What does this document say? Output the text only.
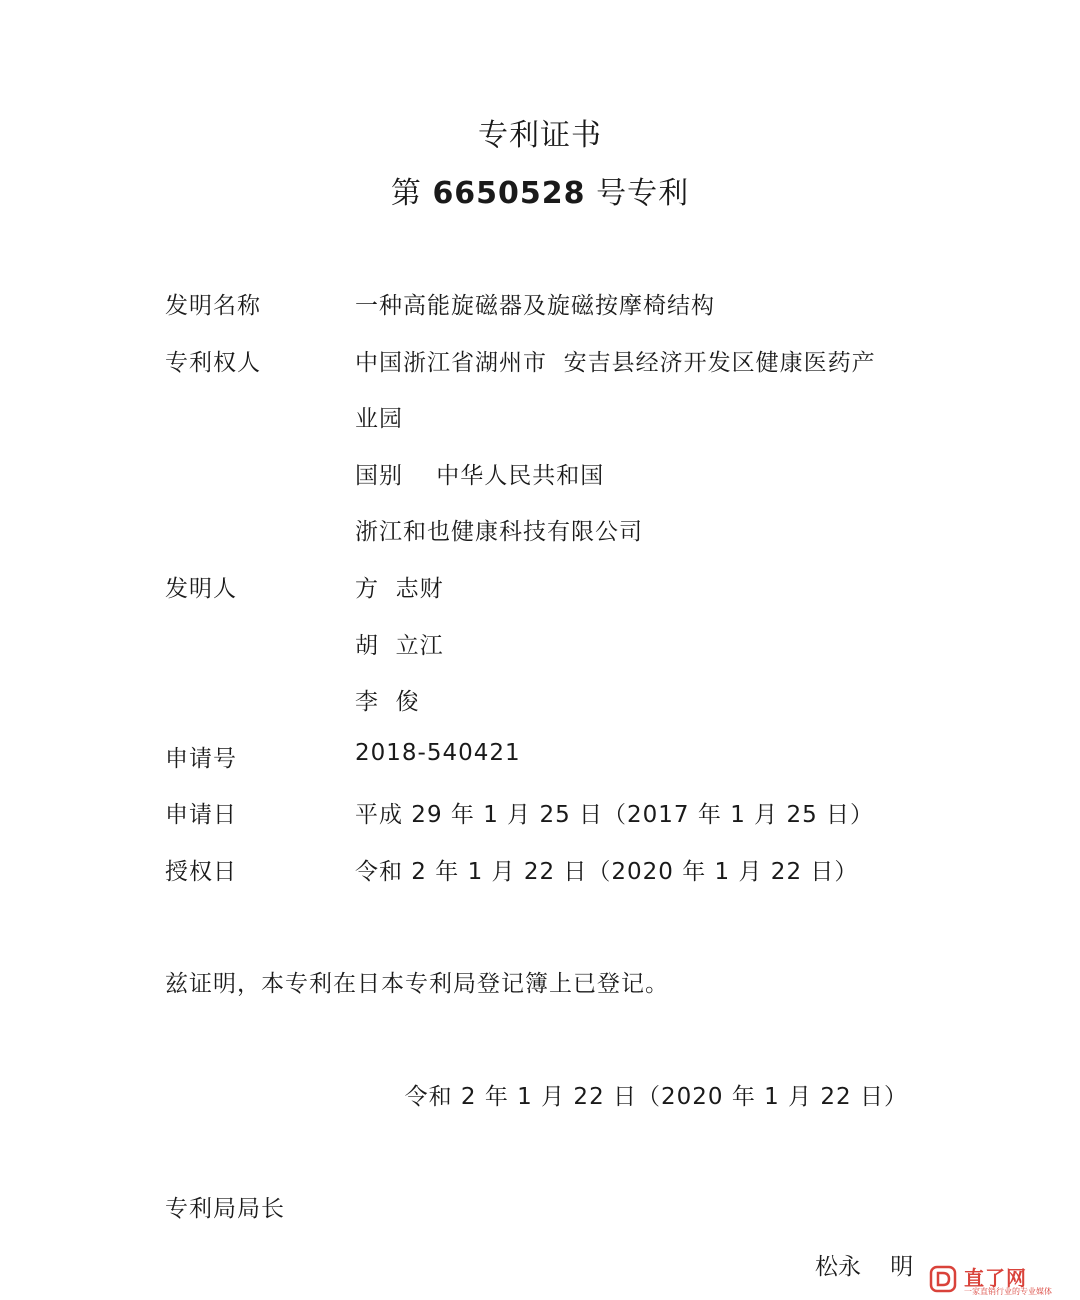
专利证书
第 6650528 号专利
发明名称	一种高能旋磁器及旋磁按摩椅结构
专利权人	中国浙江省湖州市  安吉县经济开发区健康医药产
业园
国别    中华人民共和国
浙江和也健康科技有限公司
发明人	方  志财
胡  立江
李  俊
申请号	2018-540421
申请日	平成 29 年 1 月 25 日（2017 年 1 月 25 日）
授权日	令和 2 年 1 月 22 日（2020 年 1 月 22 日）
兹证明，本专利在日本专利局登记簿上已登记。
令和 2 年 1 月 22 日（2020 年 1 月 22 日）
专利局局长
松永    明	直了网
一家直销行业的专业媒体
